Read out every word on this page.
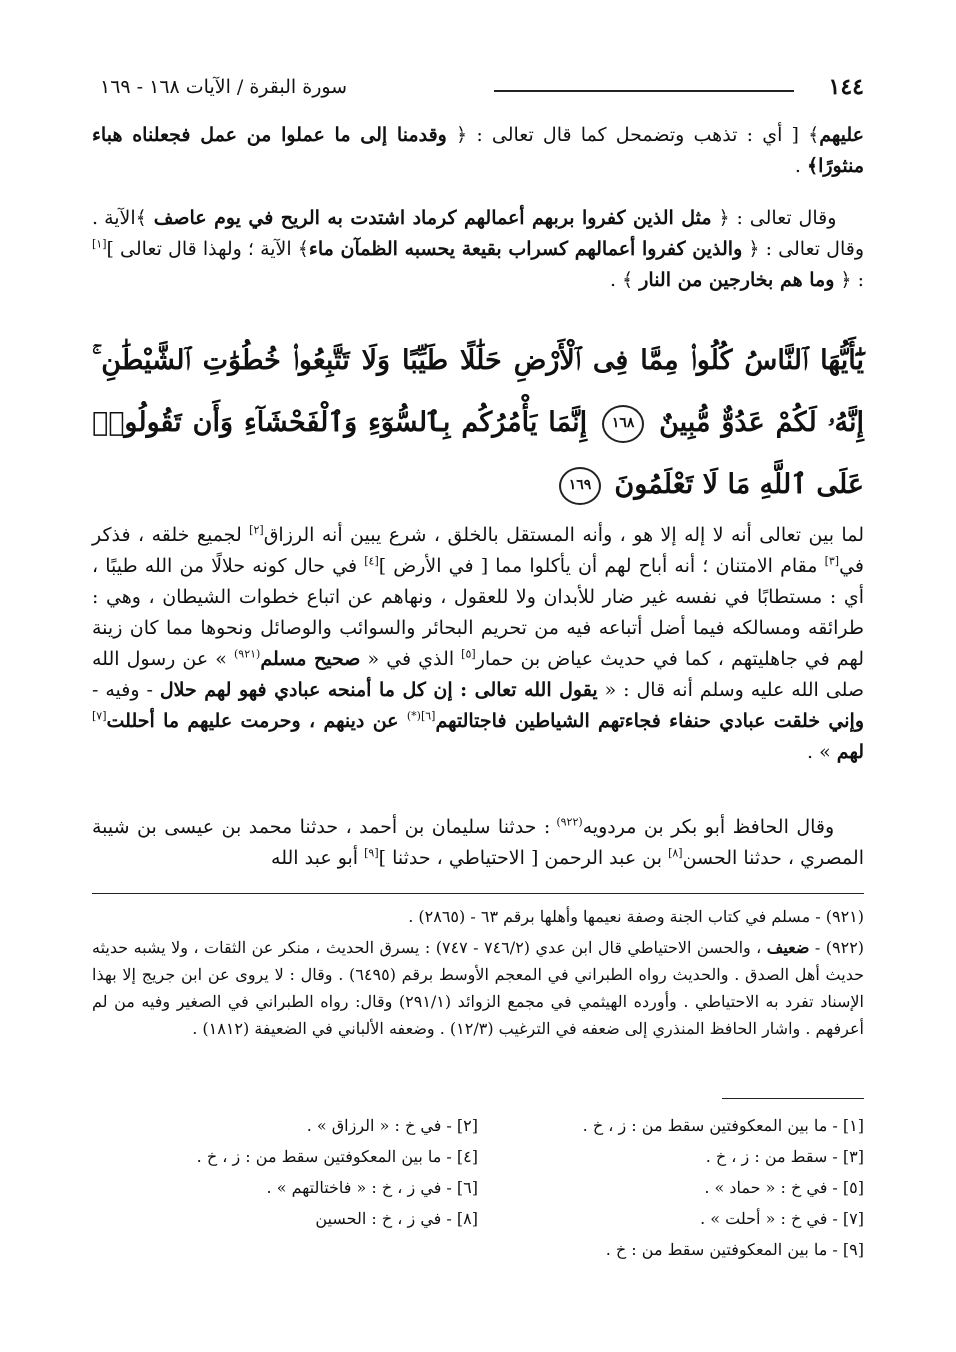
١٤٤
سورة البقرة / الآيات ١٦٨ - ١٦٩
عليهم﴾ [ أي : تذهب وتضمحل كما قال تعالى : ﴿ وقدمنا إلى ما عملوا من عمل فجعلناه هباء منثورًا﴾ .
وقال تعالى : ﴿ مثل الذين كفروا بربهم أعمالهم كرماد اشتدت به الريح في يوم عاصف ﴾الآية . وقال تعالى : ﴿ والذين كفروا أعمالهم كسراب بقيعة يحسبه الظمآن ماء﴾ الآية ؛ ولهذا قال تعالى ][١] : ﴿ وما هم بخارجين من النار ﴾ .
يَٰٓأَيُّهَا ٱلنَّاسُ كُلُوا۟ مِمَّا فِى ٱلْأَرْضِ حَلَٰلًا طَيِّبًا وَلَا تَتَّبِعُوا۟ خُطُوَٰتِ ٱلشَّيْطَٰنِ ۚ إِنَّهُۥ لَكُمْ عَدُوٌّ مُّبِينٌ ١٦٨ إِنَّمَا يَأْمُرُكُم بِٱلسُّوٓءِ وَٱلْفَحْشَآءِ وَأَن تَقُولُوا۟ عَلَى ٱللَّهِ مَا لَا تَعْلَمُونَ ١٦٩
لما بين تعالى أنه لا إله إلا هو ، وأنه المستقل بالخلق ، شرع يبين أنه الرزاق[٢] لجميع خلقه ، فذكر في[٣] مقام الامتنان ؛ أنه أباح لهم أن يأكلوا مما [ في الأرض ][٤] في حال كونه حلالًا من الله طيبًا ، أي : مستطابًا في نفسه غير ضار للأبدان ولا للعقول ، ونهاهم عن اتباع خطوات الشيطان ، وهي : طرائقه ومسالكه فيما أضل أتباعه فيه من تحريم البحائر والسوائب والوصائل ونحوها مما كان زينة لهم في جاهليتهم ، كما في حديث عياض بن حمار[٥] الذي في « صحيح مسلم$^{(٩٢١)}$ » عن رسول الله صلى الله عليه وسلم أنه قال : « يقول الله تعالى : إن كل ما أمنحه عبادي فهو لهم حلال - وفيه - وإني خلقت عبادي حنفاء فجاءتهم الشياطين فاجتالتهم$^{[٦](*)}$ عن دينهم ، وحرمت عليهم ما أحللت[٧] لهم » .
وقال الحافظ أبو بكر بن مردويه$^{(٩٢٢)}$ : حدثنا سليمان بن أحمد ، حدثنا محمد بن عيسى بن شيبة المصري ، حدثنا الحسن[٨] بن عبد الرحمن [ الاحتياطي ، حدثنا ][٩] أبو عبد الله

(٩٢١) - مسلم في كتاب الجنة وصفة نعيمها وأهلها برقم ٦٣ - (٢٨٦٥) .

(٩٢٢) - ضعيف ، والحسن الاحتياطي قال ابن عدي (٧٤٦/٢ - ٧٤٧) : يسرق الحديث ، منكر عن الثقات ، ولا يشبه حديثه حديث أهل الصدق . والحديث رواه الطبراني في المعجم الأوسط برقم (٦٤٩٥) . وقال : لا يروى عن ابن جريج إلا بهذا الإسناد تفرد به الاحتياطي . وأورده الهيثمي في مجمع الزوائد (٢٩١/١) وقال: رواه الطبراني في الصغير وفيه من لم أعرفهم . واشار الحافظ المنذري إلى ضعفه في الترغيب (١٢/٣) . وضعفه الألباني في الضعيفة (١٨١٢) .

[١] - ما بين المعكوفتين سقط من : ز ، خ .
[٢] - في خ : « الرزاق » .
[٣] - سقط من : ز ، خ .
[٤] - ما بين المعكوفتين سقط من : ز ، خ .
[٥] - في خ : « حماد » .
[٦] - في ز ، خ : « فاختالتهم » .
[٧] - في خ : « أحلت » .
[٨] - في ز ، خ : الحسين
[٩] - ما بين المعكوفتين سقط من : خ .
